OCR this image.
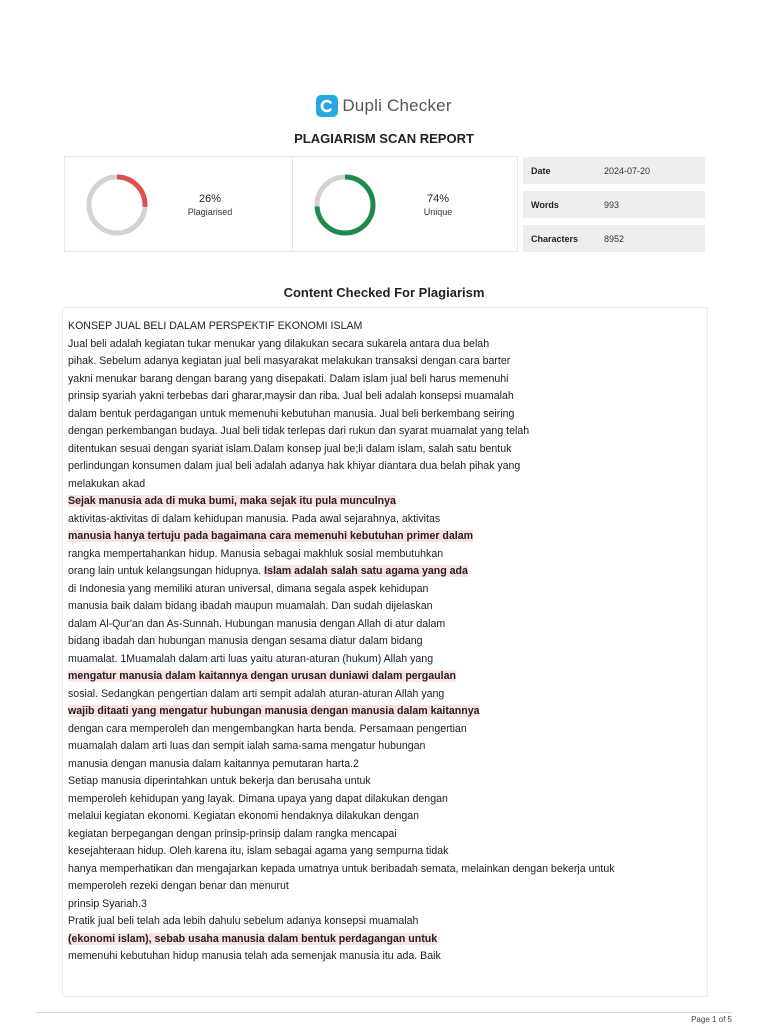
Dupli Checker
PLAGIARISM SCAN REPORT
26%
Plagiarised
74%
Unique
Date	2024-07-20
Words	993
Characters	8952
Content Checked For Plagiarism
KONSEP JUAL BELI DALAM PERSPEKTIF EKONOMI ISLAM
Jual beli adalah kegiatan tukar menukar yang dilakukan secara sukarela antara dua belah
pihak. Sebelum adanya kegiatan jual beli masyarakat melakukan transaksi dengan cara barter
yakni menukar barang dengan barang yang disepakati. Dalam islam jual beli harus memenuhi
prinsip syariah yakni terbebas dari gharar,maysir dan riba. Jual beli adalah konsepsi muamalah
dalam bentuk perdagangan untuk memenuhi kebutuhan manusia. Jual beli berkembang seiring
dengan perkembangan budaya. Jual beli tidak terlepas dari rukun dan syarat muamalat yang telah
ditentukan sesuai dengan syariat islam.Dalam konsep jual be;li dalam islam, salah satu bentuk
perlindungan konsumen dalam jual beli adalah adanya hak khiyar diantara dua belah pihak yang
melakukan akad
Sejak manusia ada di muka bumi, maka sejak itu pula munculnya
aktivitas-aktivitas di dalam kehidupan manusia. Pada awal sejarahnya, aktivitas
manusia hanya tertuju pada bagaimana cara memenuhi kebutuhan primer dalam
rangka mempertahankan hidup. Manusia sebagai makhluk sosial membutuhkan
orang lain untuk kelangsungan hidupnya. Islam adalah salah satu agama yang ada
di Indonesia yang memiliki aturan universal, dimana segala aspek kehidupan
manusia baik dalam bidang ibadah maupun muamalah. Dan sudah dijelaskan
dalam Al-Qur'an dan As-Sunnah. Hubungan manusia dengan Allah di atur dalam
bidang ibadah dan hubungan manusia dengan sesama diatur dalam bidang
muamalat. 1Muamalah dalam arti luas yaitu aturan-aturan (hukum) Allah yang
mengatur manusia dalam kaitannya dengan urusan duniawi dalam pergaulan
sosial. Sedangkan pengertian dalam arti sempit adalah aturan-aturan Allah yang
wajib ditaati yang mengatur hubungan manusia dengan manusia dalam kaitannya
dengan cara memperoleh dan mengembangkan harta benda. Persamaan pengertian
muamalah dalam arti luas dan sempit ialah sama-sama mengatur hubungan
manusia dengan manusia dalam kaitannya pemutaran harta.2
Setiap manusia diperintahkan untuk bekerja dan berusaha untuk
memperoleh kehidupan yang layak. Dimana upaya yang dapat dilakukan dengan
melalui kegiatan ekonomi. Kegiatan ekonomi hendaknya dilakukan dengan
kegiatan berpegangan dengan prinsip-prinsip dalam rangka mencapai
kesejahteraan hidup. Oleh karena itu, islam sebagai agama yang sempurna tidak
hanya memperhatikan dan mengajarkan kepada umatnya untuk beribadah semata, melainkan dengan bekerja untuk
memperoleh rezeki dengan benar dan menurut
prinsip Syariah.3
Pratik jual beli telah ada lebih dahulu sebelum adanya konsepsi muamalah
(ekonomi islam), sebab usaha manusia dalam bentuk perdagangan untuk
memenuhi kebutuhan hidup manusia telah ada semenjak manusia itu ada. Baik
Page 1 of 5
